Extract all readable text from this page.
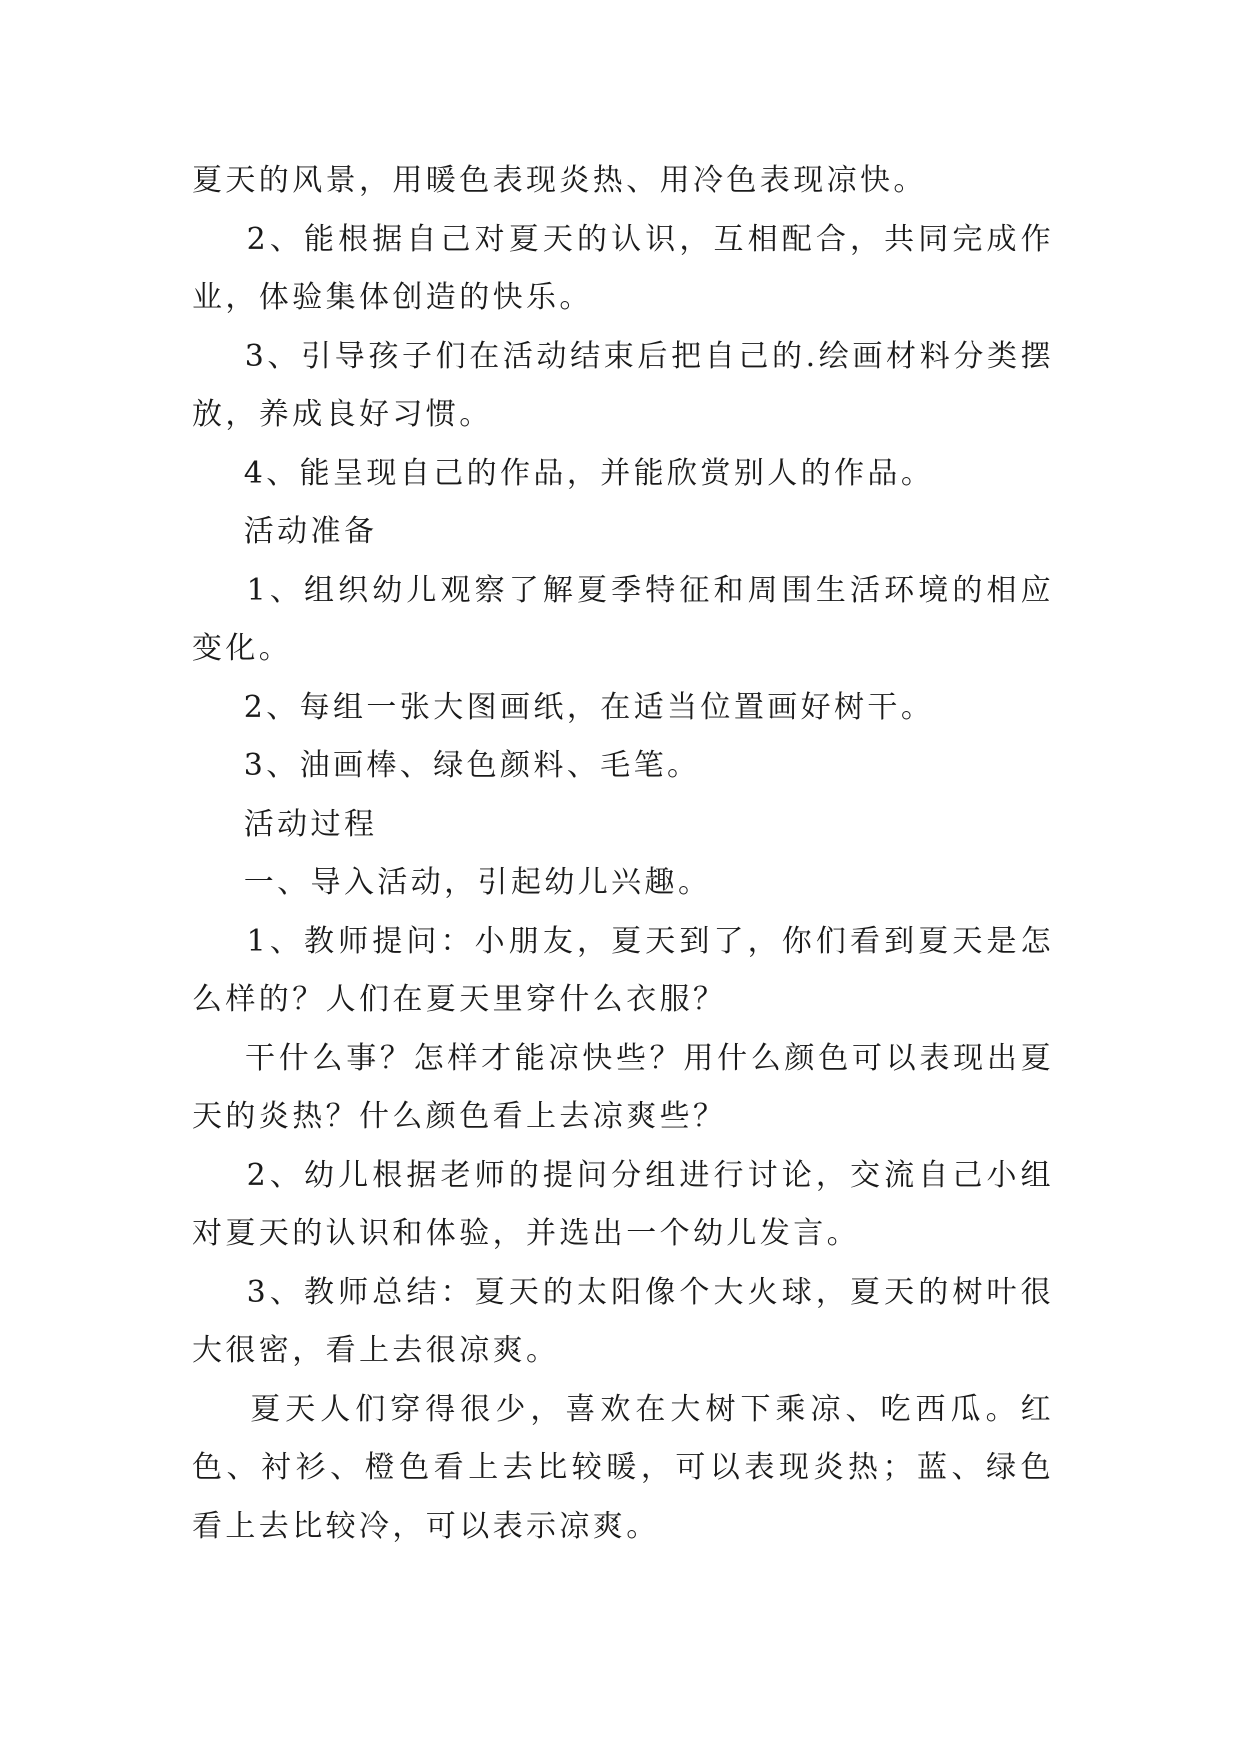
夏天的风景，用暖色表现炎热、用冷色表现凉快。

2、能根据自己对夏天的认识，互相配合，共同完成作业，体验集体创造的快乐。

3、引导孩子们在活动结束后把自己的.绘画材料分类摆放，养成良好习惯。

4、能呈现自己的作品，并能欣赏别人的作品。

活动准备

1、组织幼儿观察了解夏季特征和周围生活环境的相应变化。

2、每组一张大图画纸，在适当位置画好树干。

3、油画棒、绿色颜料、毛笔。

活动过程

一、导入活动，引起幼儿兴趣。

1、教师提问：小朋友，夏天到了，你们看到夏天是怎么样的？人们在夏天里穿什么衣服？

干什么事？怎样才能凉快些？用什么颜色可以表现出夏天的炎热？什么颜色看上去凉爽些？

2、幼儿根据老师的提问分组进行讨论，交流自己小组对夏天的认识和体验，并选出一个幼儿发言。

3、教师总结：夏天的太阳像个大火球，夏天的树叶很大很密，看上去很凉爽。

夏天人们穿得很少，喜欢在大树下乘凉、吃西瓜。红色、衬衫、橙色看上去比较暖，可以表现炎热；蓝、绿色看上去比较冷，可以表示凉爽。
